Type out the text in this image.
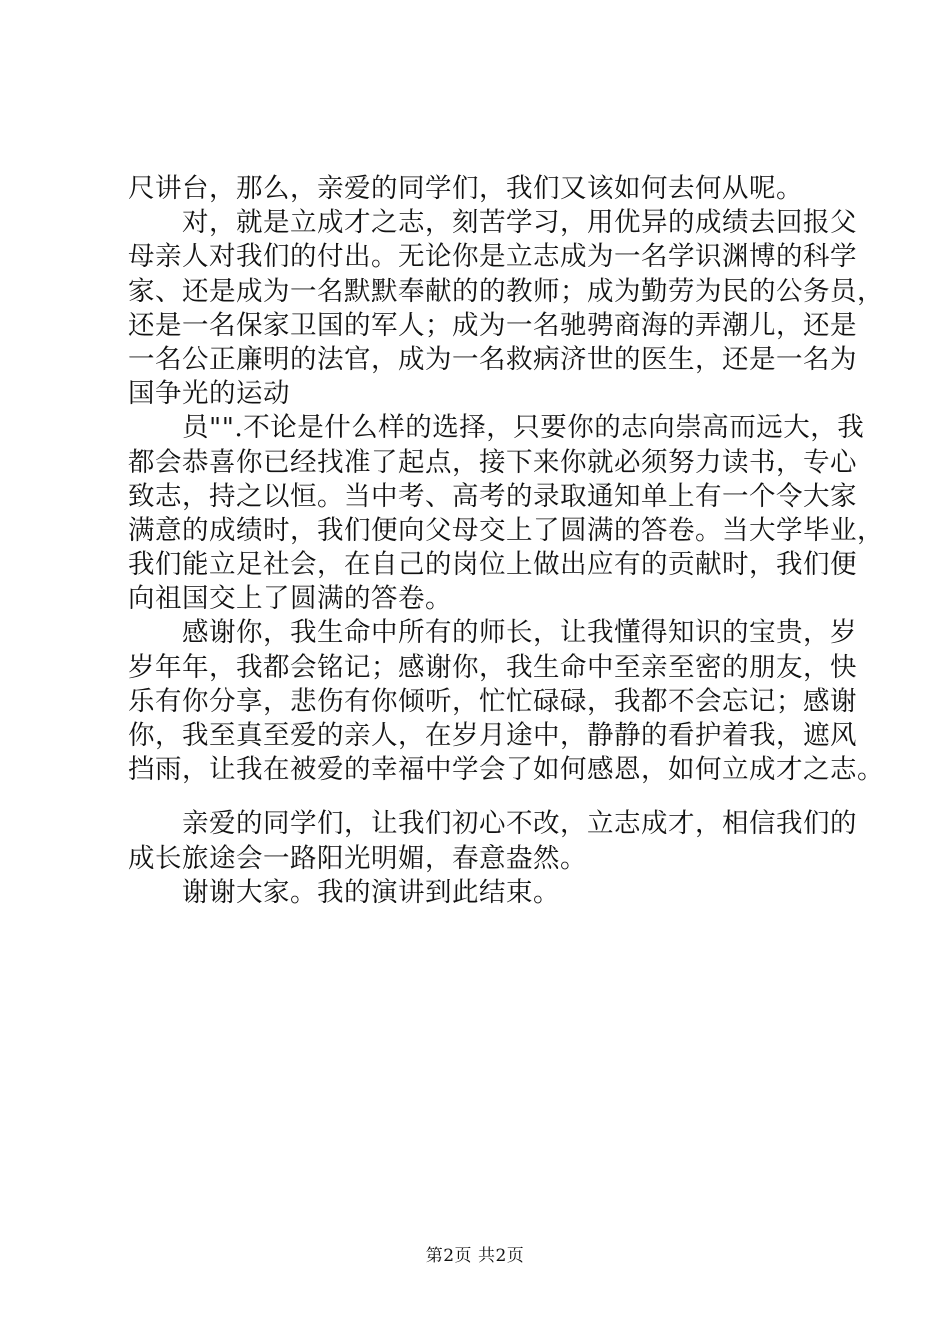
尺讲台，那么，亲爱的同学们，我们又该如何去何从呢。
对，就是立成才之志，刻苦学习，用优异的成绩去回报父
母亲人对我们的付出。无论你是立志成为一名学识渊博的科学
家、还是成为一名默默奉献的的教师；成为勤劳为民的公务员，
还是一名保家卫国的军人；成为一名驰骋商海的弄潮儿，还是
一名公正廉明的法官，成为一名救病济世的医生，还是一名为
国争光的运动
员"".不论是什么样的选择，只要你的志向崇高而远大，我
都会恭喜你已经找准了起点，接下来你就必须努力读书，专心
致志，持之以恒。当中考、高考的录取通知单上有一个令大家
满意的成绩时，我们便向父母交上了圆满的答卷。当大学毕业，
我们能立足社会，在自己的岗位上做出应有的贡献时，我们便
向祖国交上了圆满的答卷。
感谢你，我生命中所有的师长，让我懂得知识的宝贵，岁
岁年年，我都会铭记；感谢你，我生命中至亲至密的朋友，快
乐有你分享，悲伤有你倾听，忙忙碌碌，我都不会忘记；感谢
你，我至真至爱的亲人，在岁月途中，静静的看护着我，遮风
挡雨，让我在被爱的幸福中学会了如何感恩，如何立成才之志。
亲爱的同学们，让我们初心不改，立志成才，相信我们的
成长旅途会一路阳光明媚，春意盎然。
谢谢大家。我的演讲到此结束。
第2页 共2页
